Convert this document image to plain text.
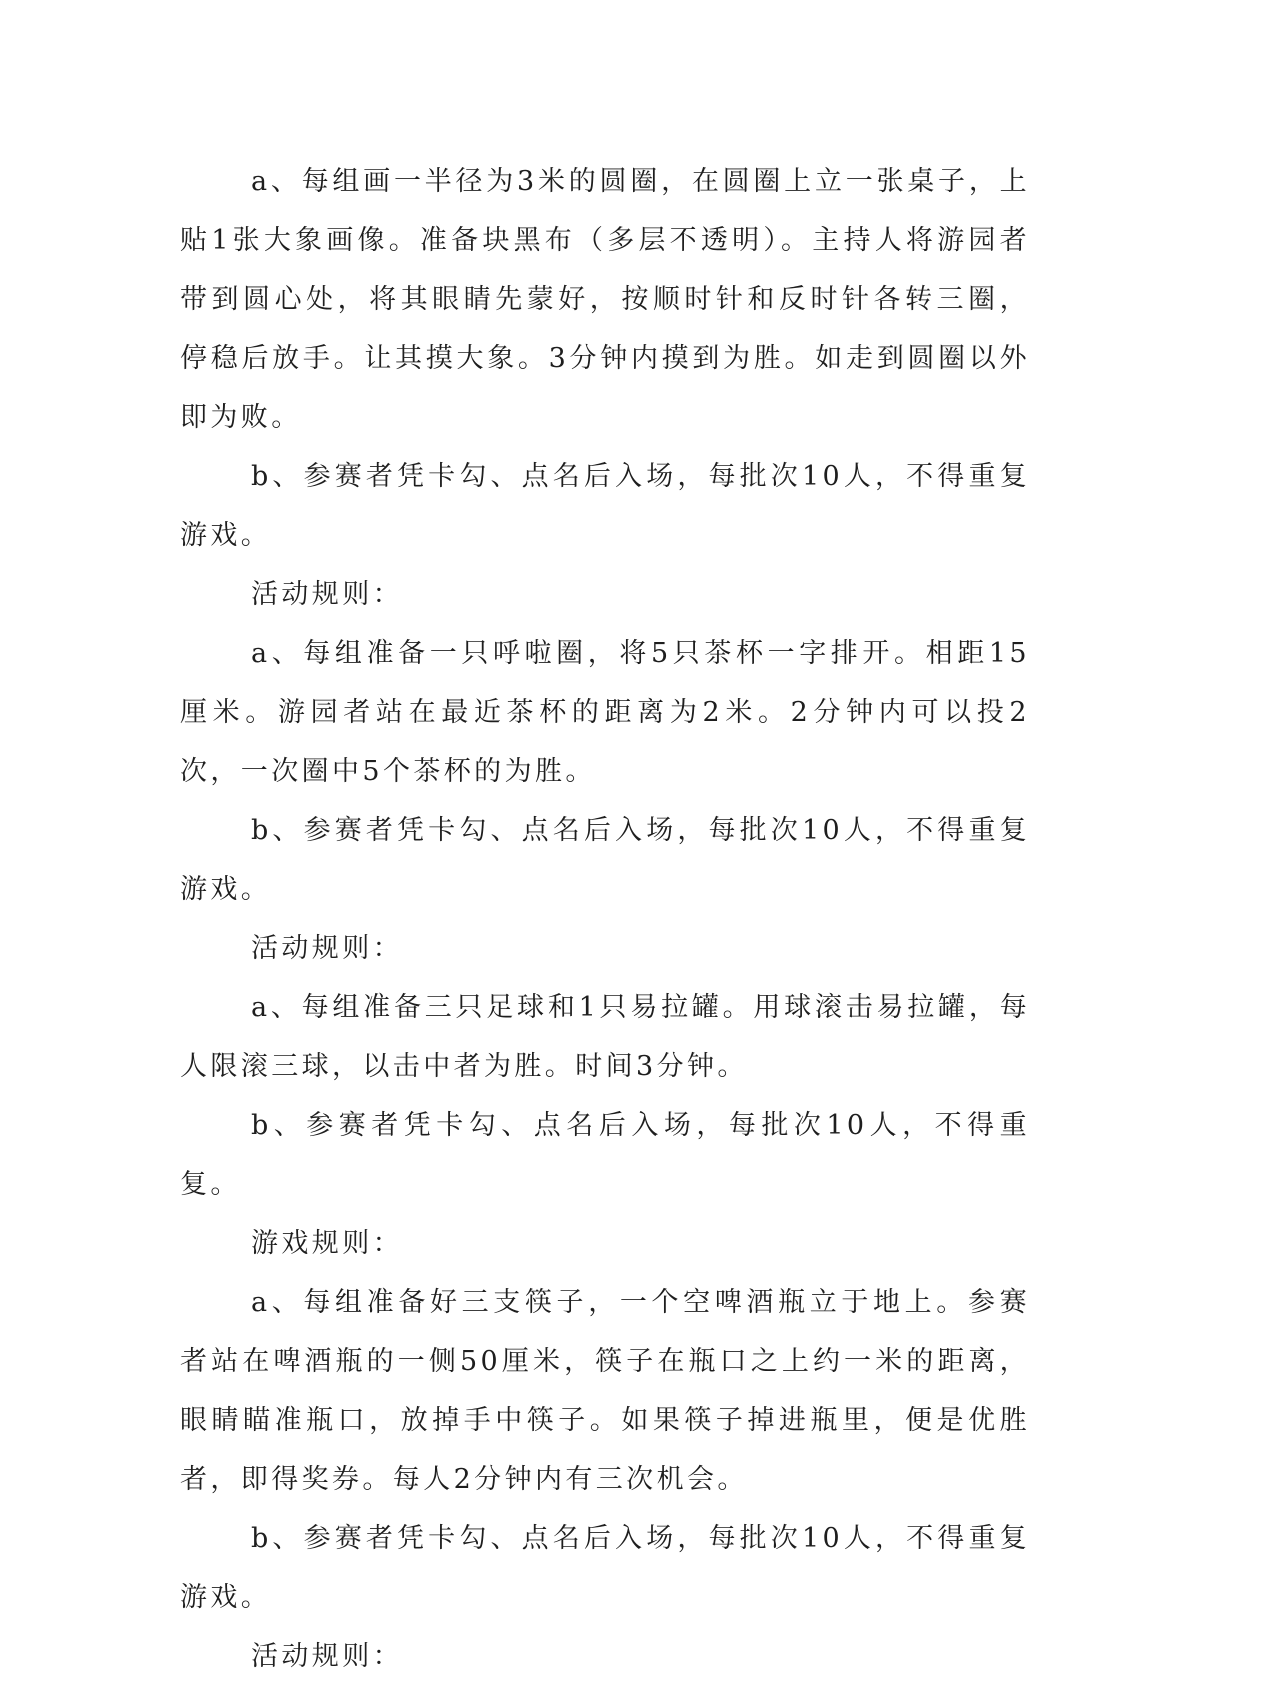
a、每组画一半径为3米的圆圈，在圆圈上立一张桌子，上贴1张大象画像。准备块黑布（多层不透明）。主持人将游园者带到圆心处，将其眼睛先蒙好，按顺时针和反时针各转三圈，停稳后放手。让其摸大象。3分钟内摸到为胜。如走到圆圈以外即为败。

b、参赛者凭卡勾、点名后入场，每批次10人，不得重复游戏。

活动规则：

a、每组准备一只呼啦圈，将5只茶杯一字排开。相距15厘米。游园者站在最近茶杯的距离为2米。2分钟内可以投2次，一次圈中5个茶杯的为胜。

b、参赛者凭卡勾、点名后入场，每批次10人，不得重复游戏。

活动规则：

a、每组准备三只足球和1只易拉罐。用球滚击易拉罐，每人限滚三球，以击中者为胜。时间3分钟。

b、参赛者凭卡勾、点名后入场，每批次10人，不得重复。

游戏规则：

a、每组准备好三支筷子，一个空啤酒瓶立于地上。参赛者站在啤酒瓶的一侧50厘米，筷子在瓶口之上约一米的距离，眼睛瞄准瓶口，放掉手中筷子。如果筷子掉进瓶里，便是优胜者，即得奖券。每人2分钟内有三次机会。

b、参赛者凭卡勾、点名后入场，每批次10人，不得重复游戏。

活动规则：
